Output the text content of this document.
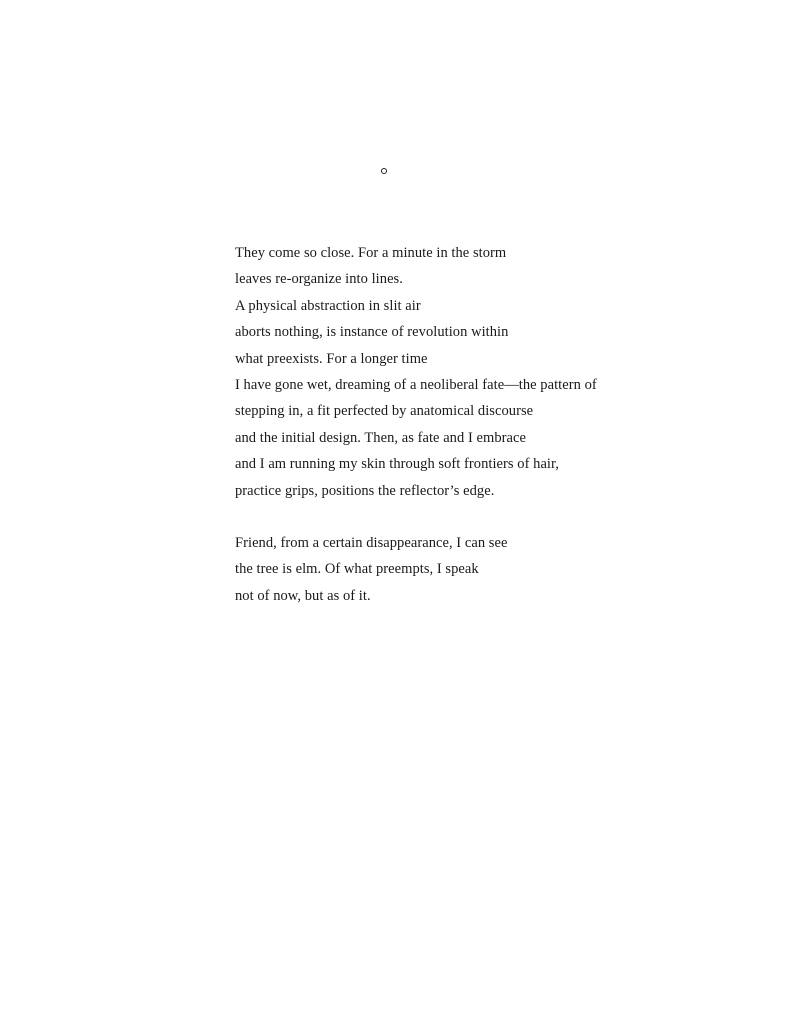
They come so close. For a minute in the storm
leaves re-organize into lines.
A physical abstraction in slit air
aborts nothing, is instance of revolution within
what preexists. For a longer time
I have gone wet, dreaming of a neoliberal fate—the pattern of
stepping in, a fit perfected by anatomical discourse
and the initial design. Then, as fate and I embrace
and I am running my skin through soft frontiers of hair,
practice grips, positions the reflector’s edge.
Friend, from a certain disappearance, I can see
the tree is elm. Of what preempts, I speak
not of now, but as of it.
